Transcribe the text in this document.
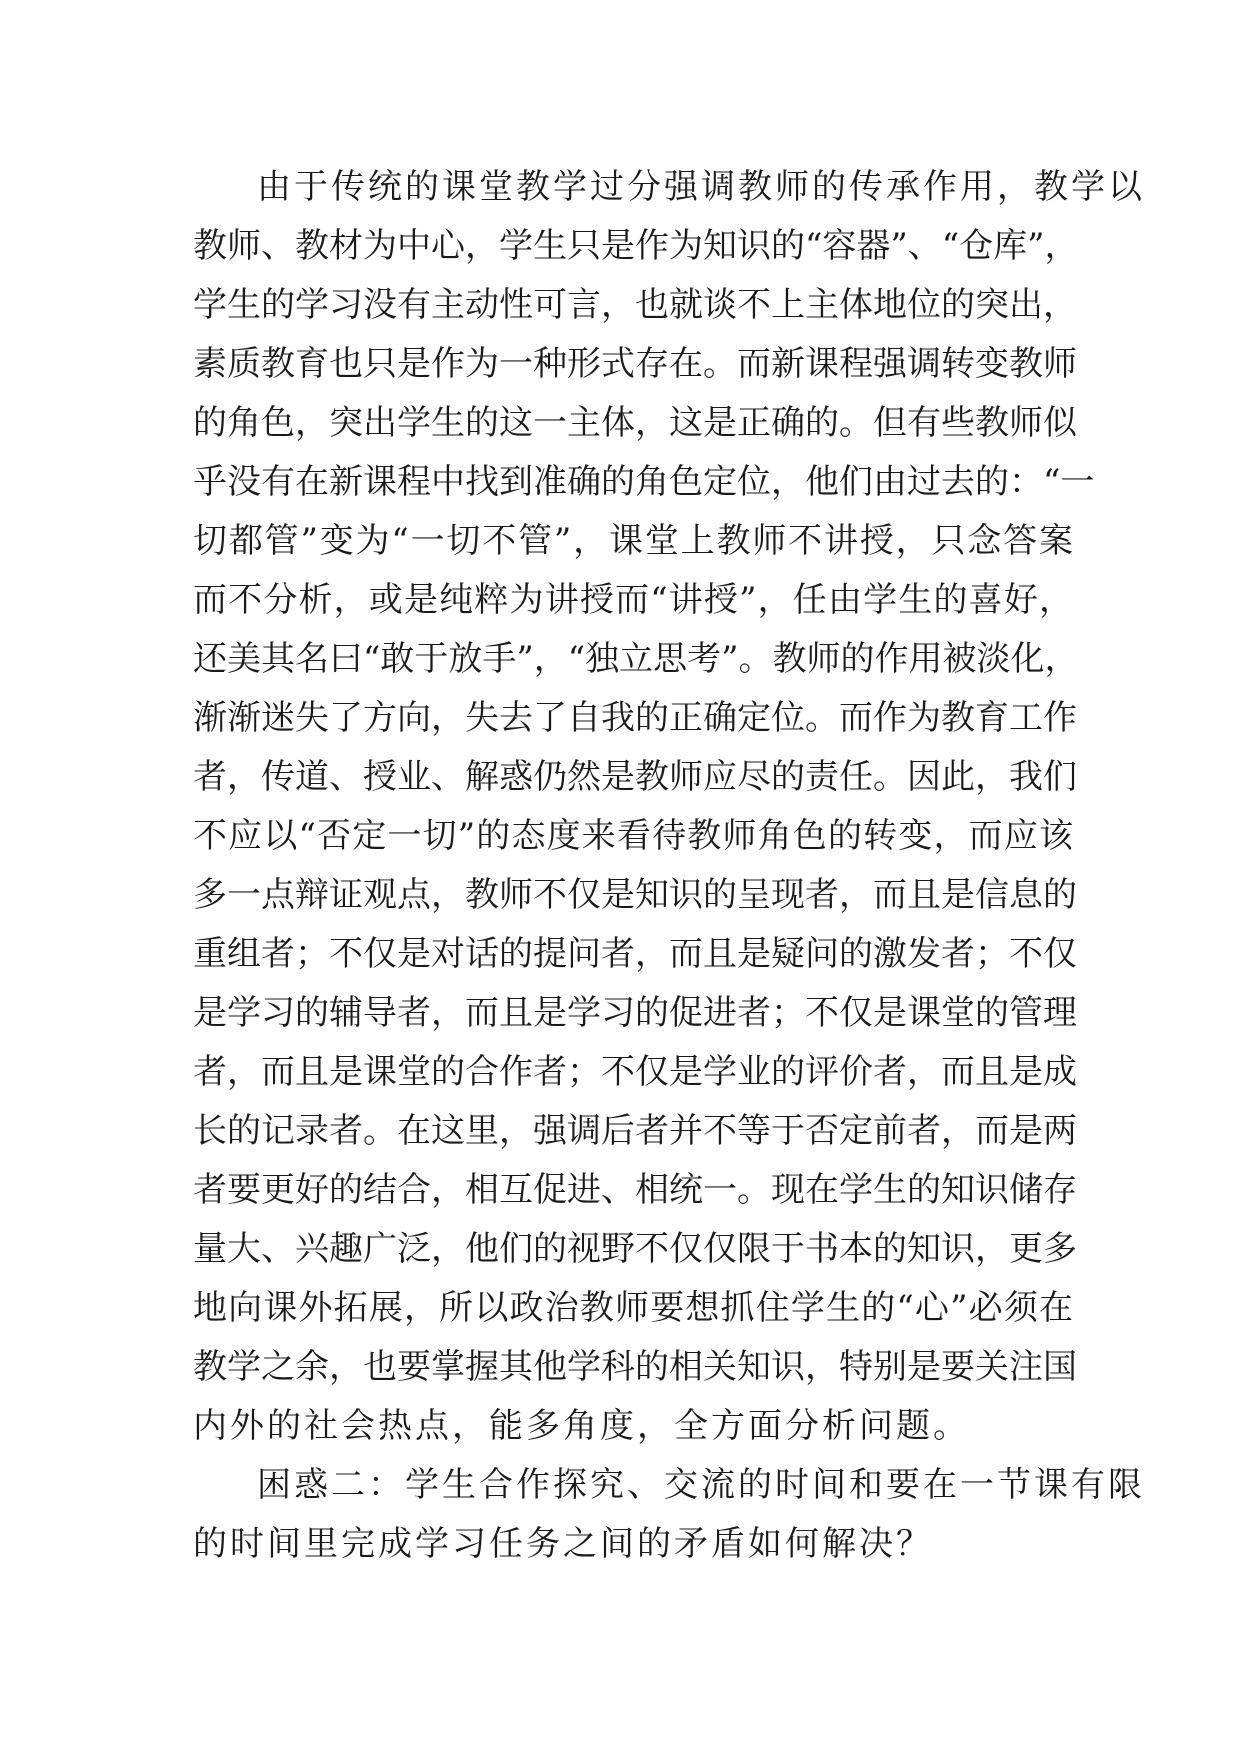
由于传统的课堂教学过分强调教师的传承作用，教学以
教师、教材为中心，学生只是作为知识的“容器”、“仓库”，
学生的学习没有主动性可言，也就谈不上主体地位的突出，
素质教育也只是作为一种形式存在。而新课程强调转变教师
的角色，突出学生的这一主体，这是正确的。但有些教师似
乎没有在新课程中找到准确的角色定位，他们由过去的：“一
切都管”变为“一切不管”，课堂上教师不讲授，只念答案
而不分析，或是纯粹为讲授而“讲授”，任由学生的喜好，
还美其名曰“敢于放手”，“独立思考”。教师的作用被淡化，
渐渐迷失了方向，失去了自我的正确定位。而作为教育工作
者，传道、授业、解惑仍然是教师应尽的责任。因此，我们
不应以“否定一切”的态度来看待教师角色的转变，而应该
多一点辩证观点，教师不仅是知识的呈现者，而且是信息的
重组者；不仅是对话的提问者，而且是疑问的激发者；不仅
是学习的辅导者，而且是学习的促进者；不仅是课堂的管理
者，而且是课堂的合作者；不仅是学业的评价者，而且是成
长的记录者。在这里，强调后者并不等于否定前者，而是两
者要更好的结合，相互促进、相统一。现在学生的知识储存
量大、兴趣广泛，他们的视野不仅仅限于书本的知识，更多
地向课外拓展，所以政治教师要想抓住学生的“心”必须在
教学之余，也要掌握其他学科的相关知识，特别是要关注国
内外的社会热点，能多角度，全方面分析问题。
困惑二：学生合作探究、交流的时间和要在一节课有限
的时间里完成学习任务之间的矛盾如何解决？
